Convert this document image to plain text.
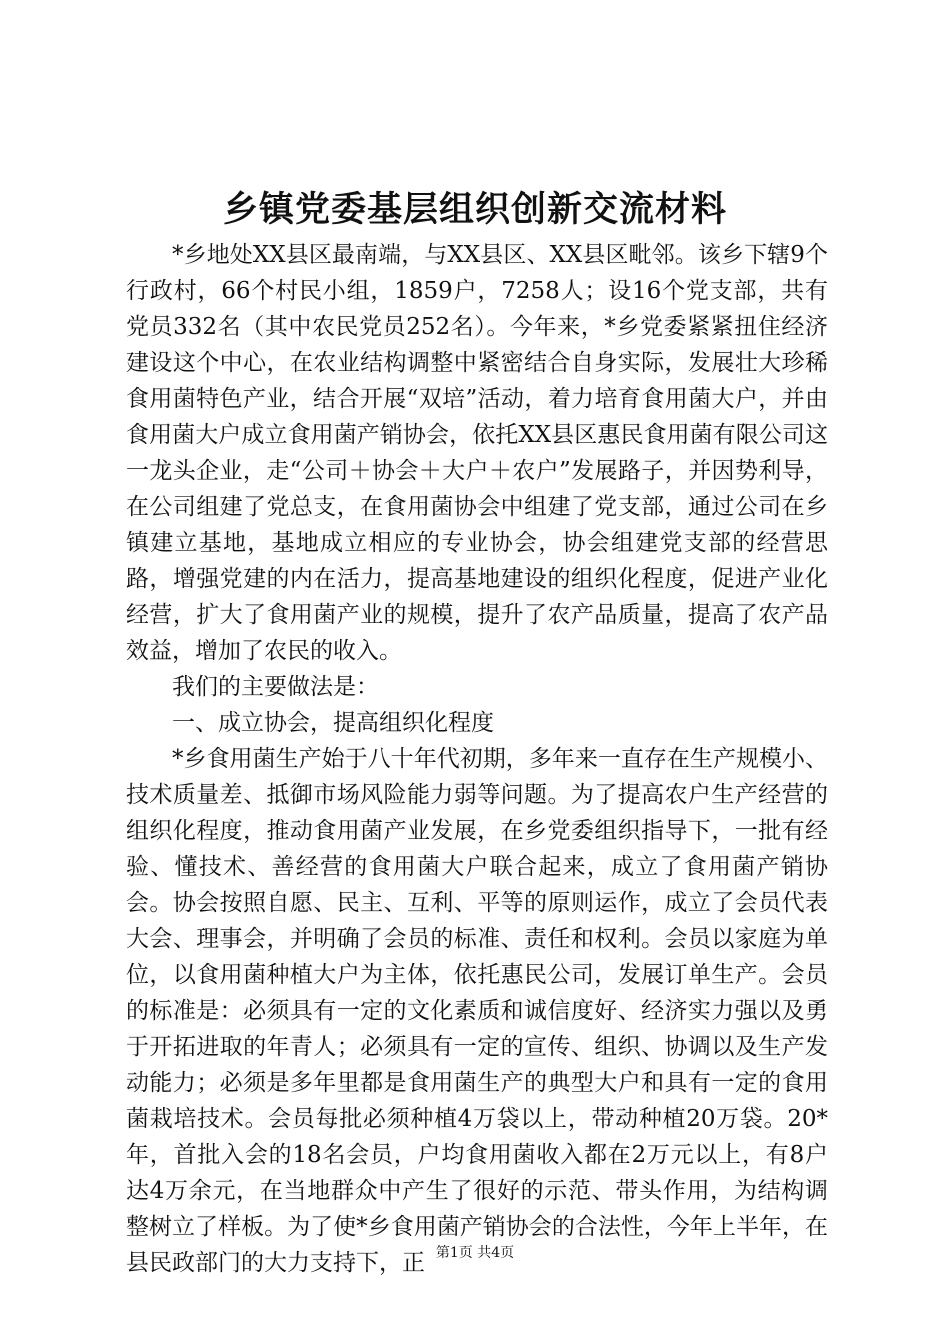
乡镇党委基层组织创新交流材料

*乡地处XX县区最南端，与XX县区、XX县区毗邻。该乡下辖9个行政村，66个村民小组，1859户，7258人；设16个党支部，共有党员332名（其中农民党员252名）。今年来，*乡党委紧紧扭住经济建设这个中心，在农业结构调整中紧密结合自身实际，发展壮大珍稀食用菌特色产业，结合开展“双培”活动，着力培育食用菌大户，并由食用菌大户成立食用菌产销协会，依托XX县区惠民食用菌有限公司这一龙头企业，走“公司＋协会＋大户＋农户”发展路子，并因势利导，在公司组建了党总支，在食用菌协会中组建了党支部，通过公司在乡镇建立基地，基地成立相应的专业协会，协会组建党支部的经营思路，增强党建的内在活力，提高基地建设的组织化程度，促进产业化经营，扩大了食用菌产业的规模，提升了农产品质量，提高了农产品效益，增加了农民的收入。

我们的主要做法是：

一、成立协会，提高组织化程度

*乡食用菌生产始于八十年代初期，多年来一直存在生产规模小、技术质量差、抵御市场风险能力弱等问题。为了提高农户生产经营的组织化程度，推动食用菌产业发展，在乡党委组织指导下，一批有经验、懂技术、善经营的食用菌大户联合起来，成立了食用菌产销协会。协会按照自愿、民主、互利、平等的原则运作，成立了会员代表大会、理事会，并明确了会员的标准、责任和权利。会员以家庭为单位，以食用菌种植大户为主体，依托惠民公司，发展订单生产。会员的标准是：必须具有一定的文化素质和诚信度好、经济实力强以及勇于开拓进取的年青人；必须具有一定的宣传、组织、协调以及生产发动能力；必须是多年里都是食用菌生产的典型大户和具有一定的食用菌栽培技术。会员每批必须种植4万袋以上，带动种植20万袋。20*年，首批入会的18名会员，户均食用菌收入都在2万元以上，有8户达4万余元，在当地群众中产生了很好的示范、带头作用，为结构调整树立了样板。为了使*乡食用菌产销协会的合法性，今年上半年，在县民政部门的大力支持下，正 第1页 共4页
